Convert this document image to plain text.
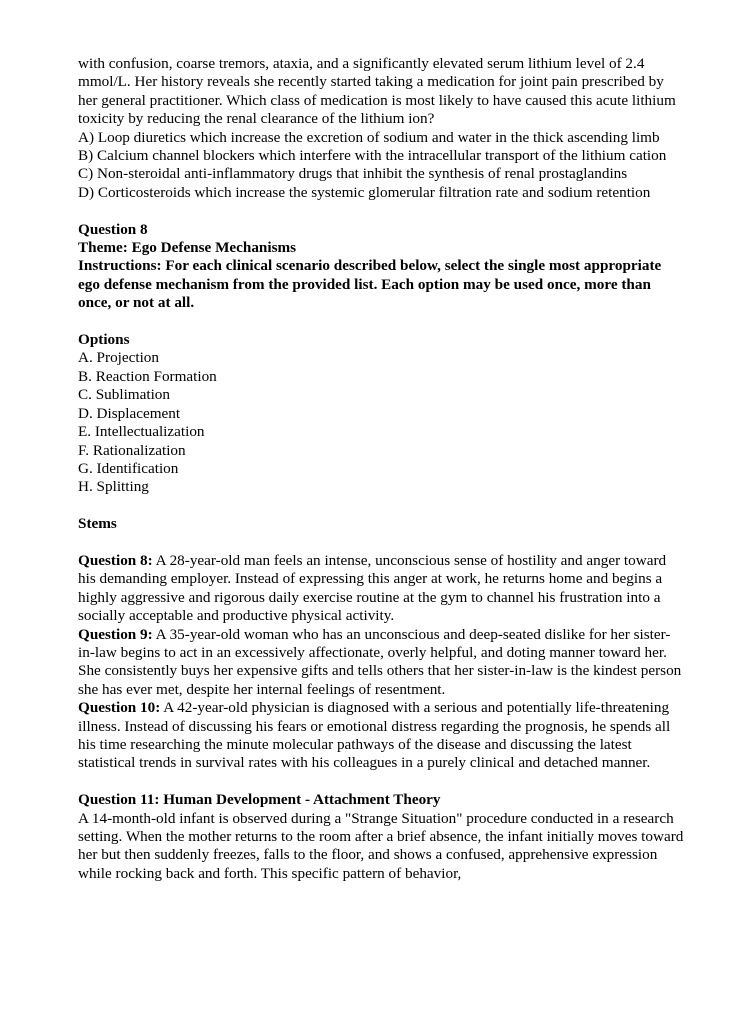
with confusion, coarse tremors, ataxia, and a significantly elevated serum lithium level of 2.4 mmol/L. Her history reveals she recently started taking a medication for joint pain prescribed by her general practitioner. Which class of medication is most likely to have caused this acute lithium toxicity by reducing the renal clearance of the lithium ion?

A) Loop diuretics which increase the excretion of sodium and water in the thick ascending limb

B) Calcium channel blockers which interfere with the intracellular transport of the lithium cation

C) Non-steroidal anti-inflammatory drugs that inhibit the synthesis of renal prostaglandins

D) Corticosteroids which increase the systemic glomerular filtration rate and sodium retention

Question 8

Theme: Ego Defense Mechanisms

Instructions: For each clinical scenario described below, select the single most appropriate ego defense mechanism from the provided list. Each option may be used once, more than once, or not at all.

Options

A. Projection

B. Reaction Formation

C. Sublimation

D. Displacement

E. Intellectualization

F. Rationalization

G. Identification

H. Splitting

Stems

Question 8: A 28-year-old man feels an intense, unconscious sense of hostility and anger toward his demanding employer. Instead of expressing this anger at work, he returns home and begins a highly aggressive and rigorous daily exercise routine at the gym to channel his frustration into a socially acceptable and productive physical activity.

Question 9: A 35-year-old woman who has an unconscious and deep-seated dislike for her sister-in-law begins to act in an excessively affectionate, overly helpful, and doting manner toward her. She consistently buys her expensive gifts and tells others that her sister-in-law is the kindest person she has ever met, despite her internal feelings of resentment.

Question 10: A 42-year-old physician is diagnosed with a serious and potentially life-threatening illness. Instead of discussing his fears or emotional distress regarding the prognosis, he spends all his time researching the minute molecular pathways of the disease and discussing the latest statistical trends in survival rates with his colleagues in a purely clinical and detached manner.

Question 11: Human Development - Attachment Theory

A 14-month-old infant is observed during a "Strange Situation" procedure conducted in a research setting. When the mother returns to the room after a brief absence, the infant initially moves toward her but then suddenly freezes, falls to the floor, and shows a confused, apprehensive expression while rocking back and forth. This specific pattern of behavior,
